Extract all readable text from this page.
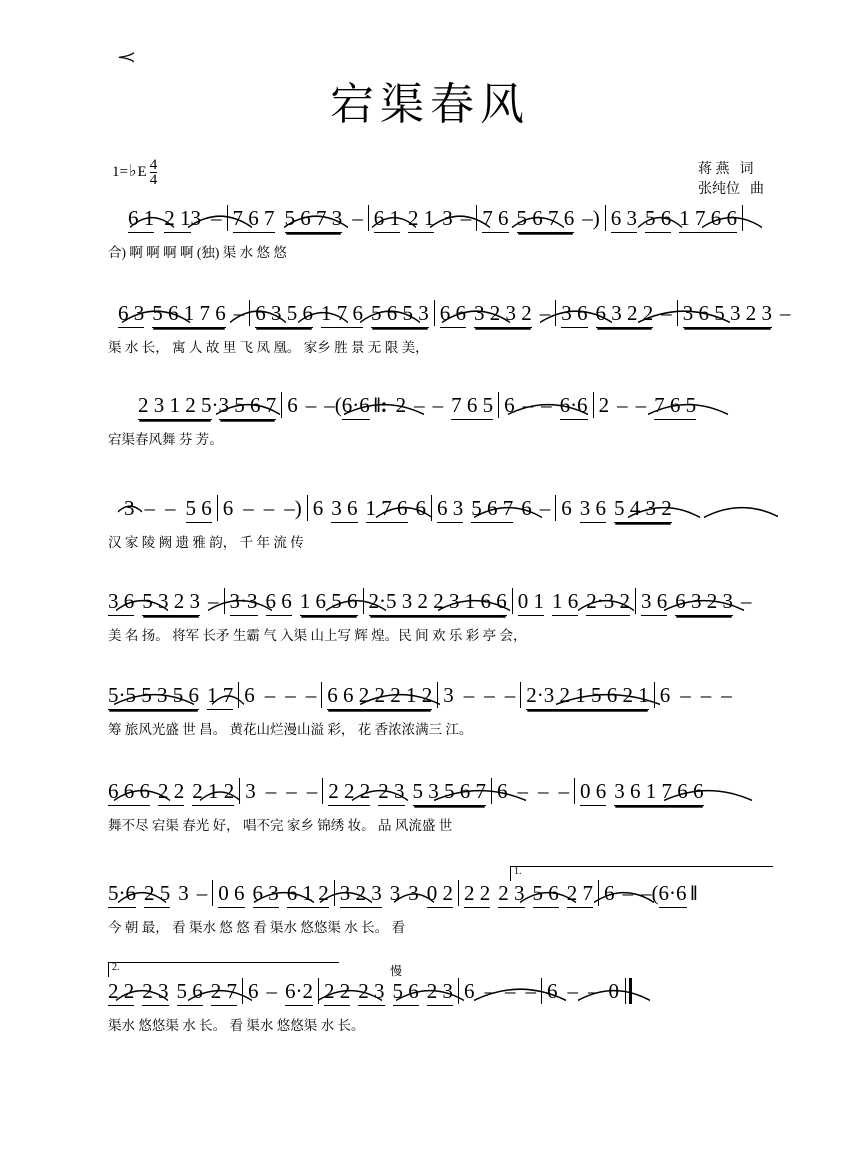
≺
宕渠春风
1= ♭ E $\frac{4}{4}$	蒋 燕 词
张纯位 曲
6 1 2 13 – 7 6 7 5 6 7 3 – 6 1 2 1 3 – 7 6 5 6 7 6 –) 6 3 5 6 1 7 6 6
合) 啊 啊 啊 啊 (独) 渠 水 悠 悠
6 3 5 6 1 7 6 – 6 3 5 6 1 7 6 5 6 5 3 6 6 3 2 3 2 – 3 6 6 3 2 2 – 3 6 5 3 2 3 –
渠 水 长， 寓 人 故 里 飞 凤 凰。 家乡 胜 景 无 限 美，
2 3 1 2 5·3 5 6 7 6 – –(6·6 ‖: 2 – – 7 6 5 6 – – 6·6 2 – – 7 6 5
宕渠春风舞 芬 芳。
3 – – 5 6 6 – – –) 6 3 6 1 7 6 6 6 3 5 6 7 6 – 6 3 6 5 4 3 2
汉 家 陵 阙 遗 雅 韵， 千 年 流 传
3 6 5 3 2 3 – 3·3 6 6 1 6 5 6 2·5 3 2 2 3 1 6 6 0 1 1 6 2·3 2 3 6 6 3 2 3 –
美 名 扬。 将军 长矛 生霸 气 入渠 山上写 辉 煌。民 间 欢 乐 彩 亭 会，
5·5 5 3 5 6 1 7 6 – – – 6 6 2 2 2 1 2 3 – – – 2·3 2 1 5 6 2 1 6 – – –
筹 旅风光盛 世 昌。 黄花山烂漫山溢 彩， 花 香浓浓满三 江。
6 6 6 2 2 2 1 2 3 – – – 2 2 2 2 3 5 3 5 6 7 6 – – – 0 6 3 6 1 7 6 6
舞不尽 宕渠 春光 好， 唱不完 家乡 锦绣 妆。 品 风流盛 世
1.
5·6 2 5 3 – 0 6 6 3 6 1 2 3 2 3 3 3 0 2 2 2 2 3 5 6 2 7 6 – –(6·6 ‖
今 朝 最， 看 渠水 悠 悠 看 渠水 悠悠渠 水 长。 看
2.	慢
2 2 2 3 5 6 2 7 6 – 6·2 2 2 2 3 5 6 2 3 6 – – – 6 – – 0
渠水 悠悠渠 水 长。 看 渠水 悠悠渠 水 长。
